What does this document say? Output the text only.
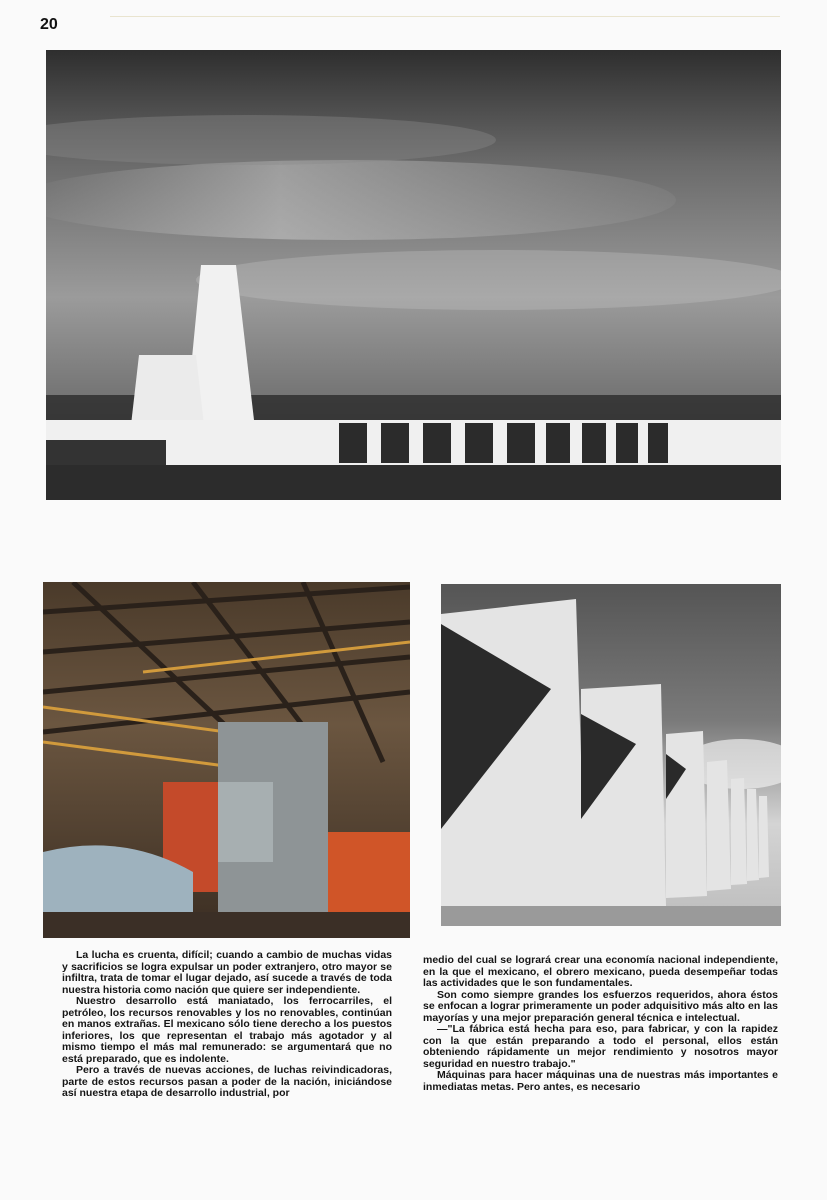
20

La lucha es cruenta, difícil; cuando a cambio de muchas vidas y sacrificios se logra expulsar un poder extranjero, otro mayor se infiltra, trata de tomar el lugar dejado, así sucede a través de toda nuestra historia como nación que quiere ser independiente.

Nuestro desarrollo está maniatado, los ferrocarriles, el petróleo, los recursos renovables y los no renovables, continúan en manos extrañas. El mexicano sólo tiene derecho a los puestos inferiores, los que representan el trabajo más agotador y al mismo tiempo el más mal remunerado: se argumentará que no está preparado, que es indolente.

Pero a través de nuevas acciones, de luchas reivindicadoras, parte de estos recursos pasan a poder de la nación, iniciándose así nuestra etapa de desarrollo industrial, por

medio del cual se logrará crear una economía nacional independiente, en la que el mexicano, el obrero mexicano, pueda desempeñar todas las actividades que le son fundamentales.

Son como siempre grandes los esfuerzos requeridos, ahora éstos se enfocan a lograr primeramente un poder adquisitivo más alto en las mayorías y una mejor preparación general técnica e intelectual.

—"La fábrica está hecha para eso, para fabricar, y con la rapidez con la que están preparando a todo el personal, ellos están obteniendo rápidamente un mejor rendimiento y nosotros mayor seguridad en nuestro trabajo."

Máquinas para hacer máquinas una de nuestras más importantes e inmediatas metas. Pero antes, es necesario
